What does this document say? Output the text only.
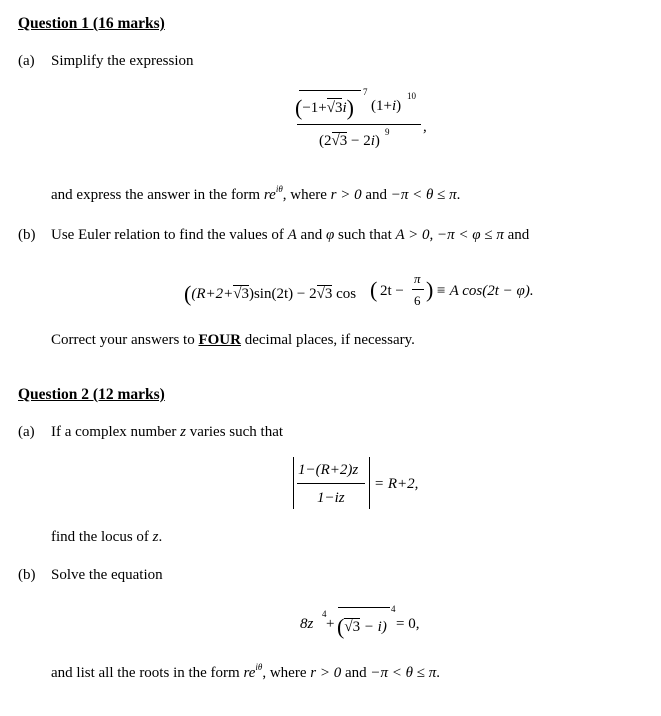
Question 1 (16 marks)
(a) Simplify the expression
(−1+√3i)
7
(1+i)
10
(2√3 − 2i)
9 ,
and express the answer in the form $re^{i\theta}$, where r > 0 and −π < θ ≤ π.
(b) Use Euler relation to find the values of A and φ such that A > 0, −π < φ ≤ π and
((R+2+√3)sin(2t) − 2√3 cos ( 2t −
π
6 ) ≡ A cos(2t − φ).
Correct your answers to FOUR decimal places, if necessary.
Question 2 (12 marks)
(a) If a complex number z varies such that
1−(R+2)z
1−iz
= R+2,
find the locus of z.
(b) Solve the equation
8z
4
+ (√3 − i)
4
= 0,
and list all the roots in the form $re^{i\theta}$, where r > 0 and −π < θ ≤ π.
